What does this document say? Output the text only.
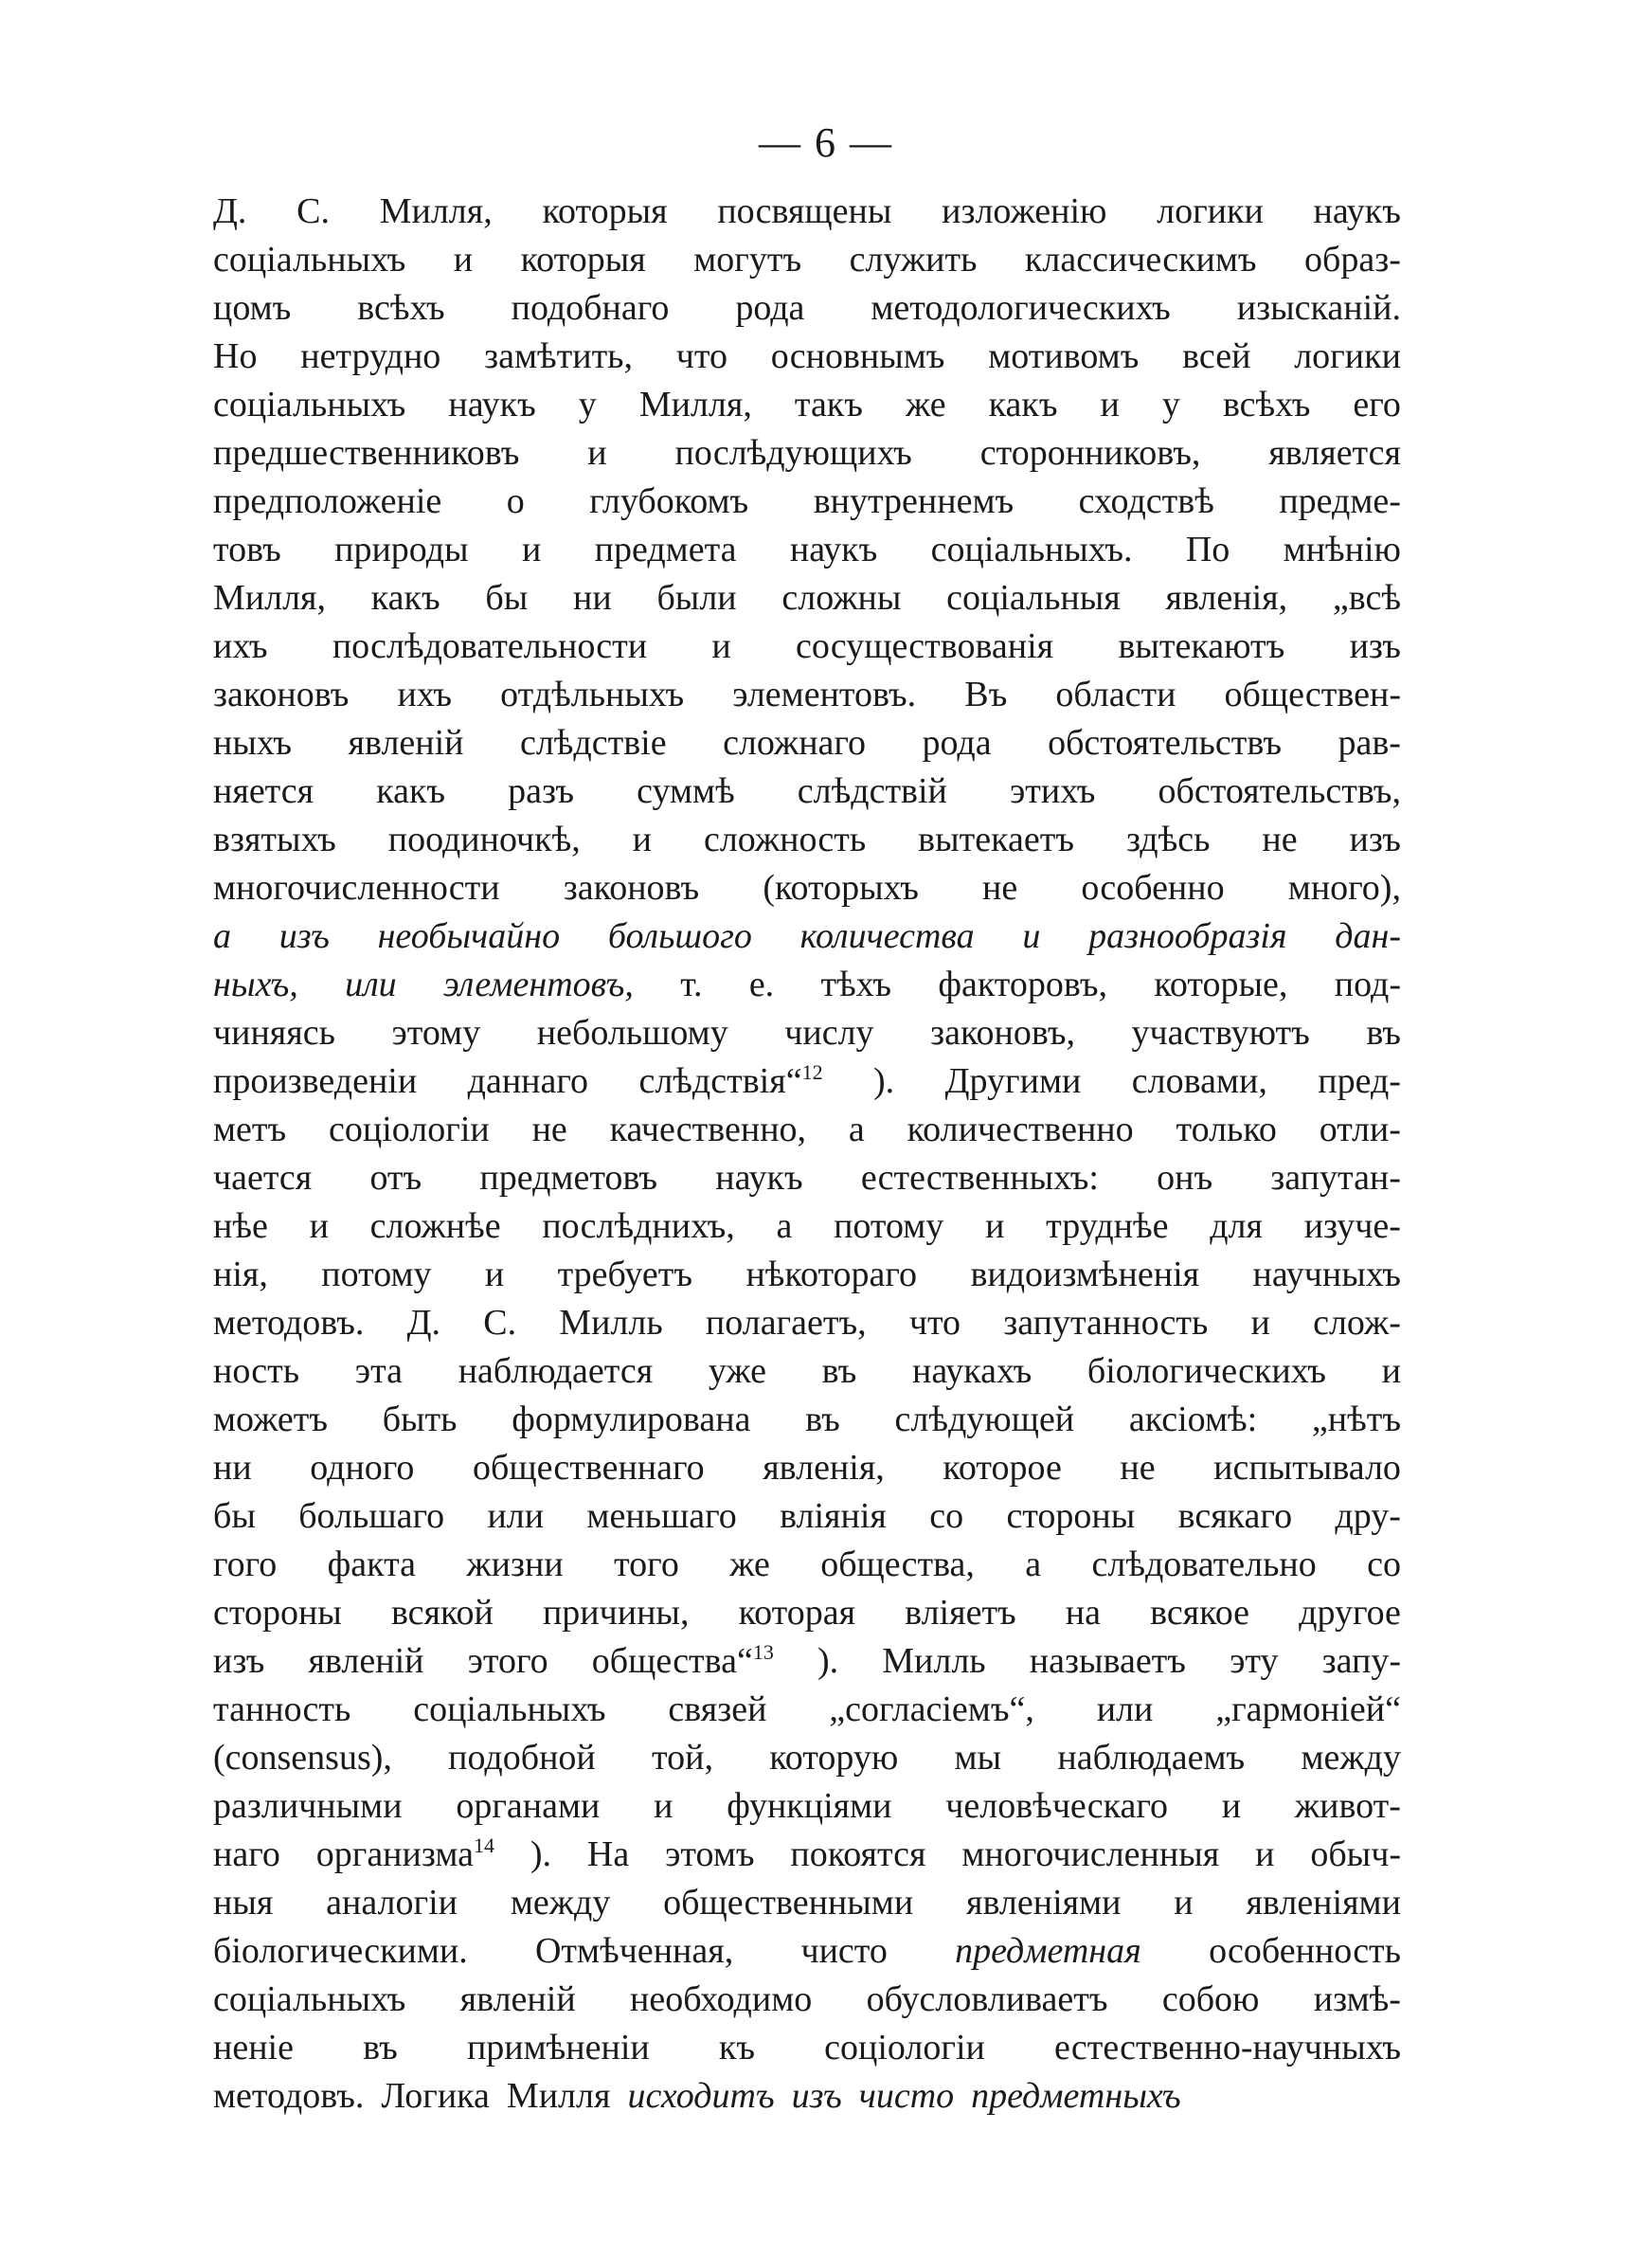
— 6 —
Д. С. Милля, которыя посвящены изложенію логики наукъ
соціальныхъ и которыя могутъ служить классическимъ образ-
цомъ всѣхъ подобнаго рода методологическихъ изысканій.
Но нетрудно замѣтить, что основнымъ мотивомъ всей логики
соціальныхъ наукъ у Милля, такъ же какъ и у всѣхъ его
предшественниковъ и послѣдующихъ сторонниковъ, является
предположеніе о глубокомъ внутреннемъ сходствѣ предме-
товъ природы и предмета наукъ соціальныхъ. По мнѣнію
Милля, какъ бы ни были сложны соціальныя явленія, „всѣ
ихъ послѣдовательности и сосуществованія вытекаютъ изъ
законовъ ихъ отдѣльныхъ элементовъ. Въ области обществен-
ныхъ явленій слѣдствіе сложнаго рода обстоятельствъ рав-
няется какъ разъ суммѣ слѣдствій этихъ обстоятельствъ,
взятыхъ поодиночкѣ, и сложность вытекаетъ здѣсь не изъ
многочисленности законовъ (которыхъ не особенно много),
а изъ необычайно большого количества и разнообразія дан-
ныхъ, или элементовъ, т. е. тѣхъ факторовъ, которые, под-
чиняясь этому небольшому числу законовъ, участвуютъ въ
произведеніи даннаго слѣдствія“$^{12}$ ). Другими словами, пред-
метъ соціологіи не качественно, а количественно только отли-
чается отъ предметовъ наукъ естественныхъ: онъ запутан-
нѣе и сложнѣе послѣднихъ, а потому и труднѣе для изуче-
нія, потому и требуетъ нѣкотораго видоизмѣненія научныхъ
методовъ. Д. С. Милль полагаетъ, что запутанность и слож-
ность эта наблюдается уже въ наукахъ біологическихъ и
можетъ быть формулирована въ слѣдующей аксіомѣ: „нѣтъ
ни одного общественнаго явленія, которое не испытывало
бы большаго или меньшаго вліянія со стороны всякаго дру-
гого факта жизни того же общества, а слѣдовательно со
стороны всякой причины, которая вліяетъ на всякое другое
изъ явленій этого общества“$^{13}$ ). Милль называетъ эту запу-
танность соціальныхъ связей „согласіемъ“, или „гармоніей“
(consensus), подобной той, которую мы наблюдаемъ между
различными органами и функціями человѣческаго и живот-
наго организма$^{14}$ ). На этомъ покоятся многочисленныя и обыч-
ныя аналогіи между общественными явленіями и явленіями
біологическими. Отмѣченная, чисто предметная особенность
соціальныхъ явленій необходимо обусловливаетъ собою измѣ-
неніе въ примѣненіи къ соціологіи естественно-научныхъ
методовъ. Логика Милля исходитъ изъ чисто предметныхъ
